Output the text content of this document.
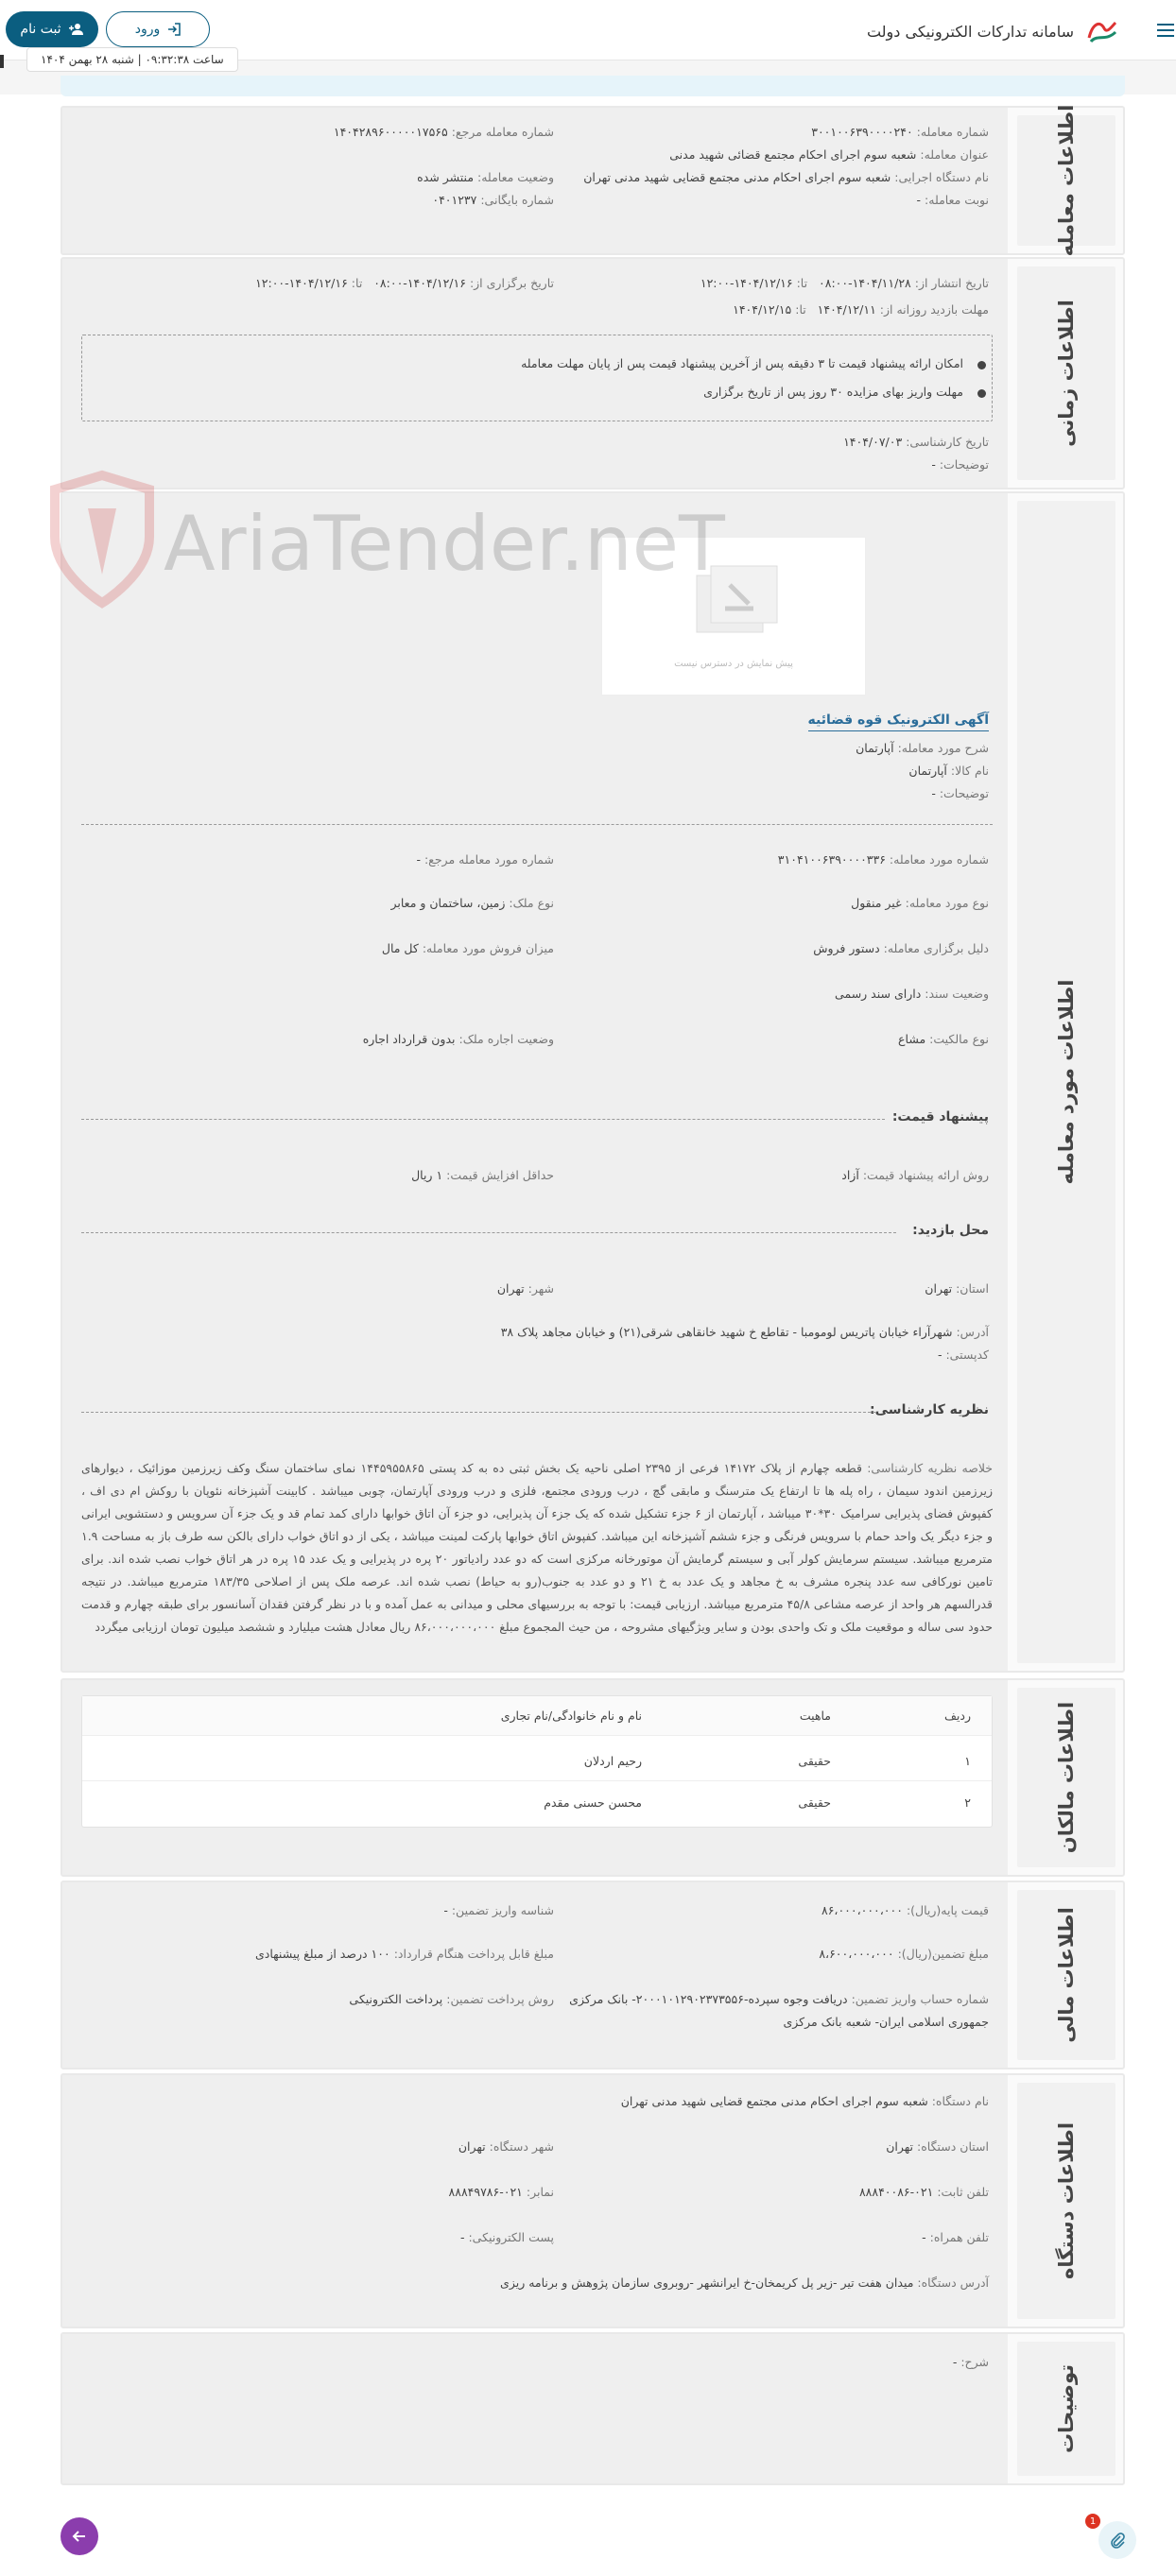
سامانه تدارکات الکترونیکی دولت
ثبت نام	ورود
ساعت ۰۹:۳۲:۳۸ | شنبه ۲۸ بهمن ۱۴۰۴
AriaTender.neT
اطلاعات معامله
شماره معامله: ۳۰۰۱۰۰۶۳۹۰۰۰۰۲۴۰
شماره معامله مرجع: ۱۴۰۴۲۸۹۶۰۰۰۰۰۱۷۵۶۵
عنوان معامله: شعبه سوم اجرای احکام مجتمع قضائی شهید مدنی
نام دستگاه اجرایی: شعبه سوم اجرای احکام مدنی مجتمع قضایی شهید مدنی تهران
وضعیت معامله: منتشر شده
نوبت معامله: -
شماره بایگانی: ۰۴۰۱۲۳۷
اطلاعات زمانی
تاریخ انتشار از: ۱۴۰۴/۱۱/۲۸-۰۸:۰۰   تا: ۱۴۰۴/۱۲/۱۶-۱۲:۰۰
تاریخ برگزاری از: ۱۴۰۴/۱۲/۱۶-۰۸:۰۰   تا: ۱۴۰۴/۱۲/۱۶-۱۲:۰۰
مهلت بازدید روزانه از: ۱۴۰۴/۱۲/۱۱   تا: ۱۴۰۴/۱۲/۱۵
امکان ارائه پیشنهاد قیمت تا ۳ دقیقه پس از آخرین پیشنهاد قیمت پس از پایان مهلت معامله
مهلت واریز بهای مزایده ۳۰ روز پس از تاریخ برگزاری
تاریخ کارشناسی: ۱۴۰۴/۰۷/۰۳
توضیحات: -
اطلاعات مورد معامله
پیش نمایش در دسترس نیست
آگهی الکترونیک قوه قضائیه
شرح مورد معامله: آپارتمان
نام کالا: آپارتمان
توضیحات: -
شماره مورد معامله: ۳۱۰۴۱۰۰۶۳۹۰۰۰۰۳۳۶
شماره مورد معامله مرجع: -
نوع مورد معامله: غیر منقول
نوع ملک: زمین، ساختمان و معابر
دلیل برگزاری معامله: دستور فروش
میزان فروش مورد معامله: کل مال
وضعیت سند: دارای سند رسمی
نوع مالکیت: مشاع
وضعیت اجاره ملک: بدون قرارداد اجاره
پیشنهاد قیمت:
روش ارائه پیشنهاد قیمت: آزاد
حداقل افزایش قیمت: ۱ ریال
محل بازدید:
استان: تهران
شهر: تهران
آدرس: شهرآراء خیابان پاتریس لومومبا - تقاطع خ شهید خانقاهی شرقی(۲۱) و خیابان مجاهد پلاک ۳۸
کدپستی: -
نظریه کارشناسی:
خلاصه نظریه کارشناسی: قطعه چهارم از پلاک ۱۴۱۷۲ فرعی از ۲۳۹۵ اصلی ناحیه یک بخش ثبتی ده به کد پستی ۱۴۴۵۹۵۵۸۶۵ نمای ساختمان سنگ وکف زیرزمین موزائیک ، دیوارهای زیرزمین اندود سیمان ، راه پله ها تا ارتفاع یک مترسنگ و مابقی گچ ، درب ورودی مجتمع، فلزی و درب ورودی آپارتمان، چوبی میباشد . کابینت آشپزخانه نئوپان با روکش ام دی اف ، کفپوش فضای پذیرایی سرامیک ۳۰*۳۰ میباشد ، آپارتمان از ۶ جزء تشکیل شده که یک جزء آن پذیرایی، دو جزء آن اتاق خوابها دارای کمد تمام قد و یک جزء آن سرویس و دستشویی ایرانی و جزء دیگر یک واحد حمام با سرویس فرنگی و جزء ششم آشپزخانه این میباشد. کفپوش اتاق خوابها پارکت لمینت میباشد ، یکی از دو اتاق خواب دارای بالکن سه طرف باز به مساحت ۱.۹ مترمربع میباشد. سیستم سرمایش کولر آبی و سیستم گرمایش آن موتورخانه مرکزی است که دو عدد رادیاتور ۲۰ پره در پذیرایی و یک عدد ۱۵ پره در هر اتاق خواب نصب شده اند. برای تامین نورکافی سه عدد پنجره مشرف به خ مجاهد و یک عدد به خ ۲۱ و دو عدد به جنوب(رو به حیاط) نصب شده اند. عرصه ملک پس از اصلاحی ۱۸۳/۳۵ مترمربع میباشد. در نتیجه قدرالسهم هر واحد از عرصه مشاعی ۴۵/۸ مترمربع میباشد. ارزیابی قیمت: با توجه به بررسیهای محلی و میدانی به عمل آمده و با در نظر گرفتن فقدان آسانسور برای طبقه چهارم و قدمت حدود سی ساله و موقعیت ملک و تک واحدی بودن و سایر ویژگیهای مشروحه ، من حیث المجموع مبلغ ۸۶،۰۰۰،۰۰۰،۰۰۰ ریال معادل هشت میلیارد و ششصد میلیون تومان ارزیابی میگردد
اطلاعات مالکان
ردیف
ماهیت
نام و نام خانوادگی/نام تجاری
۱
حقیقی
رحیم اردلان
۲
حقیقی
محسن حسنی مقدم
اطلاعات مالی
قیمت پایه(ریال): ۸۶،۰۰۰،۰۰۰،۰۰۰
شناسه واریز تضمین: -
مبلغ تضمین(ریال): ۸،۶۰۰،۰۰۰،۰۰۰
مبلغ قابل پرداخت هنگام قرارداد: ۱۰۰ درصد از مبلغ پیشنهادی
شماره حساب واریز تضمین: دریافت وجوه سپرده-۲۰۰۰۱۰۱۲۹۰۲۳۷۳۵۵۶- بانک مرکزی
جمهوری اسلامی ایران- شعبه بانک مرکزی
روش پرداخت تضمین: پرداخت الکترونیکی
اطلاعات دستگاه
نام دستگاه: شعبه سوم اجرای احکام مدنی مجتمع قضایی شهید مدنی تهران
استان دستگاه: تهران
شهر دستگاه: تهران
تلفن ثابت: ۰۲۱-۸۸۸۴۰۰۸۶
نمابر: ۰۲۱-۸۸۸۴۹۷۸۶
تلفن همراه: -
پست الکترونیکی: -
آدرس دستگاه: میدان هفت تیر -زیر پل کریمخان-خ ایرانشهر -روبروی سازمان پژوهش و برنامه ریزی
توضیحات
شرح: -
1
